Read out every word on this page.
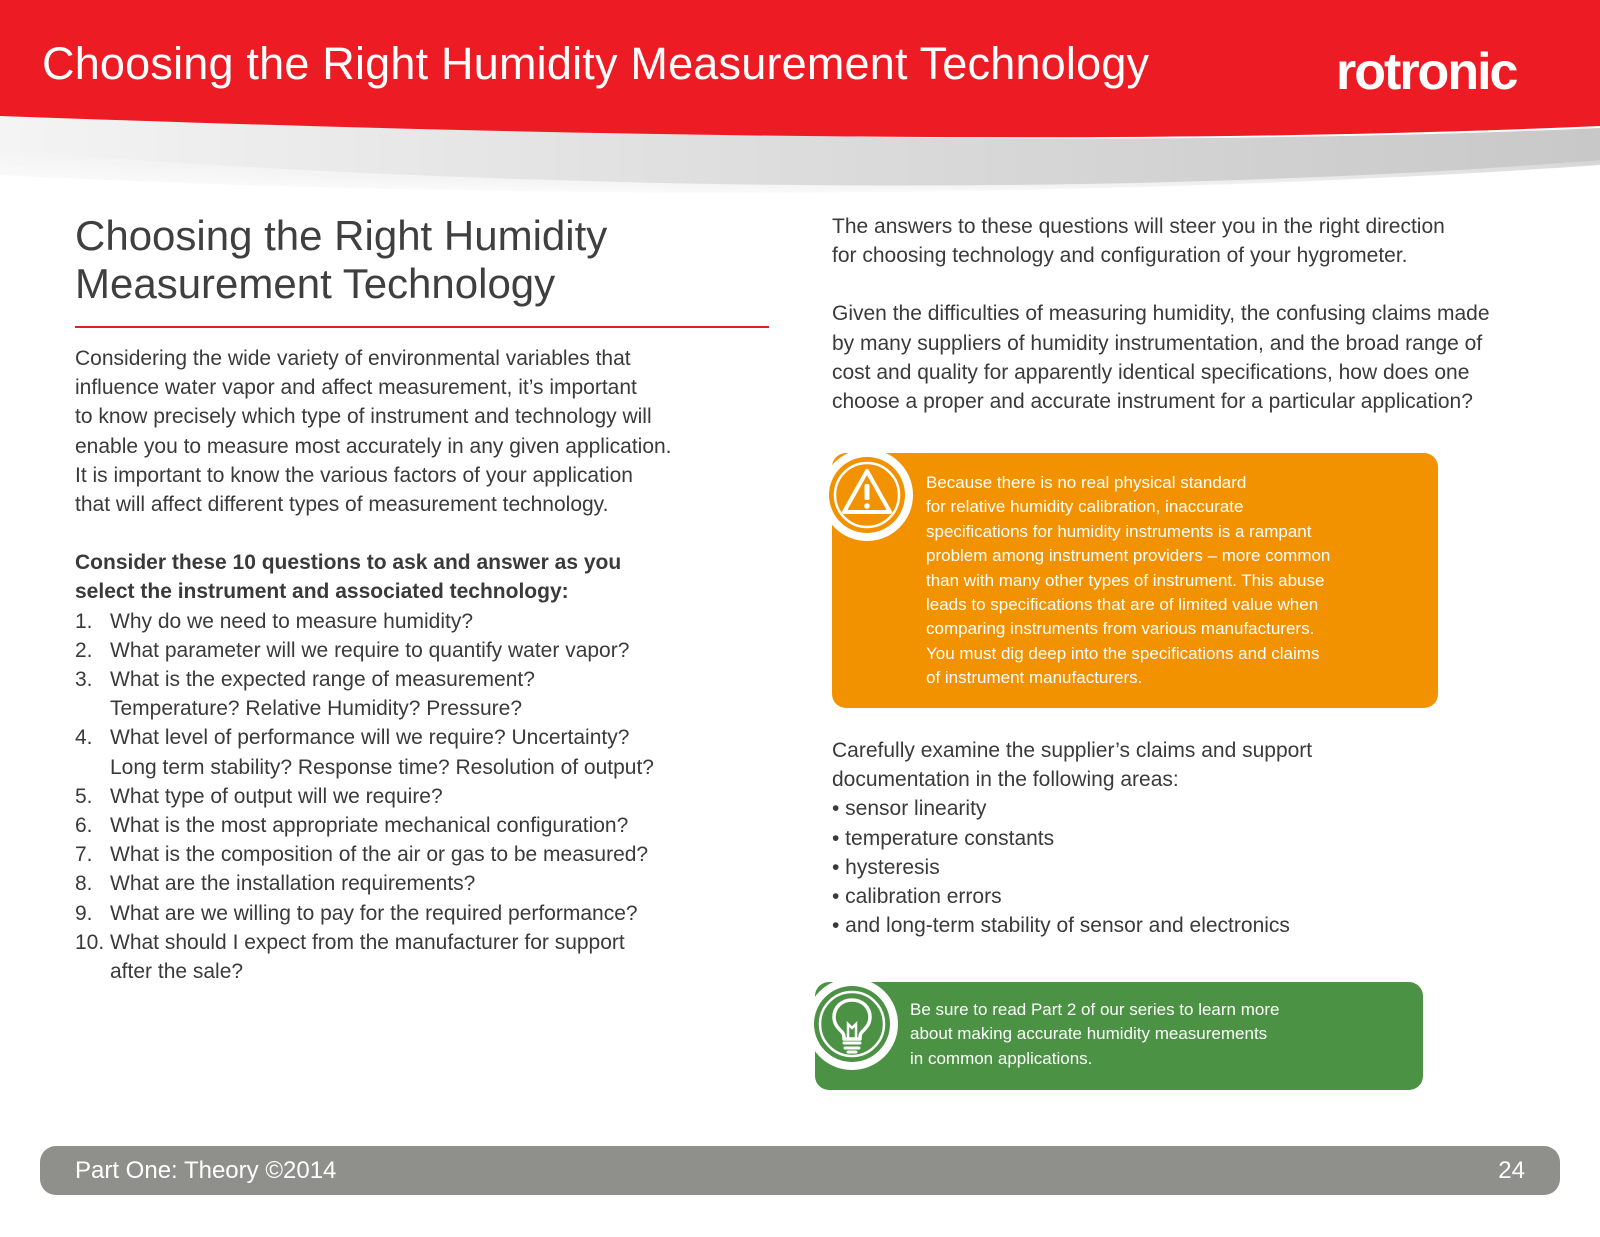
Choosing the Right Humidity Measurement Technology	rotronic
Choosing the Right Humidity
Measurement Technology

Considering the wide variety of environmental variables that
influence water vapor and affect measurement, it’s important
to know precisely which type of instrument and technology will
enable you to measure most accurately in any given application.
It is important to know the various factors of your application
that will affect different types of measurement technology.

Consider these 10 questions to ask and answer as you
select the instrument and associated technology:

1. Why do we need to measure humidity?
2. What parameter will we require to quantify water vapor?
3. What is the expected range of measurement?
Temperature? Relative Humidity? Pressure?
4. What level of performance will we require? Uncertainty?
Long term stability? Response time? Resolution of output?
5. What type of output will we require?
6. What is the most appropriate mechanical configuration?
7. What is the composition of the air or gas to be measured?
8. What are the installation requirements?
9. What are we willing to pay for the required performance?
10. What should I expect from the manufacturer for support
after the sale?

The answers to these questions will steer you in the right direction
for choosing technology and configuration of your hygrometer.

Given the difficulties of measuring humidity, the confusing claims made
by many suppliers of humidity instrumentation, and the broad range of
cost and quality for apparently identical specifications, how does one
choose a proper and accurate instrument for a particular application?

Because there is no real physical standard
for relative humidity calibration, inaccurate
specifications for humidity instruments is a rampant
problem among instrument providers – more common
than with many other types of instrument. This abuse
leads to specifications that are of limited value when
comparing instruments from various manufacturers.
You must dig deep into the specifications and claims
of instrument manufacturers.

Carefully examine the supplier’s claims and support
documentation in the following areas:

• sensor linearity
• temperature constants
• hysteresis
• calibration errors
• and long-term stability of sensor and electronics

Be sure to read Part 2 of our series to learn more
about making accurate humidity measurements
in common applications.

Part One: Theory ©2014	24
